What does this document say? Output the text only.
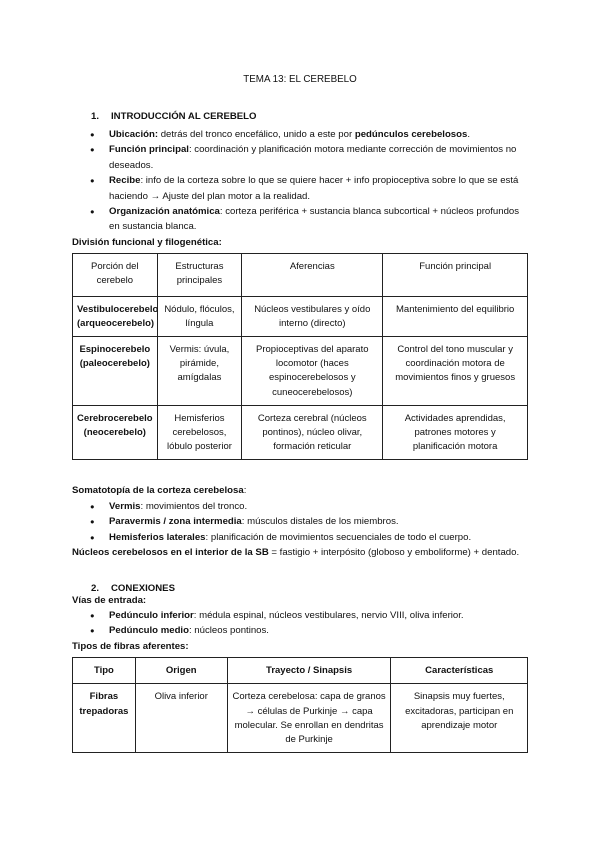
TEMA 13: EL CEREBELO
1.	INTRODUCCIÓN AL CEREBELO
● Ubicación: detrás del tronco encefálico, unido a este por pedúnculos cerebelosos.
● Función principal: coordinación y planificación motora mediante corrección de movimientos no deseados.
● Recibe: info de la corteza sobre lo que se quiere hacer + info propioceptiva sobre lo que se está haciendo → Ajuste del plan motor a la realidad.
● Organización anatómica: corteza periférica + sustancia blanca subcortical + núcleos profundos en sustancia blanca.
División funcional y filogenética:
Porción del cerebelo	Estructuras principales	Aferencias	Función principal
Vestibulocerebelo (arqueocerebelo)	Nódulo, flóculos, língula	Núcleos vestibulares y oído interno (directo)	Mantenimiento del equilibrio
Espinocerebelo (paleocerebelo)	Vermis: úvula, pirámide, amígdalas	Propioceptivas del aparato locomotor (haces espinocerebelosos y cuneocerebelosos)	Control del tono muscular y coordinación motora de movimientos finos y gruesos
Cerebrocerebelo (neocerebelo)	Hemisferios cerebelosos, lóbulo posterior	Corteza cerebral (núcleos pontinos), núcleo olivar, formación reticular	Actividades aprendidas, patrones motores y planificación motora
Somatotopía de la corteza cerebelosa:
● Vermis: movimientos del tronco.
● Paravermis / zona intermedia: músculos distales de los miembros.
● Hemisferios laterales: planificación de movimientos secuenciales de todo el cuerpo.
Núcleos cerebelosos en el interior de la SB = fastigio + interpósito (globoso y emboliforme) + dentado.
2.	CONEXIONES
Vías de entrada:
● Pedúnculo inferior: médula espinal, núcleos vestibulares, nervio VIII, oliva inferior.
● Pedúnculo medio: núcleos pontinos.
Tipos de fibras aferentes:
Tipo	Origen	Trayecto / Sinapsis	Características
Fibras trepadoras	Oliva inferior	Corteza cerebelosa: capa de granos → células de Purkinje → capa molecular. Se enrollan en dendritas de Purkinje	Sinapsis muy fuertes, excitadoras, participan en aprendizaje motor
